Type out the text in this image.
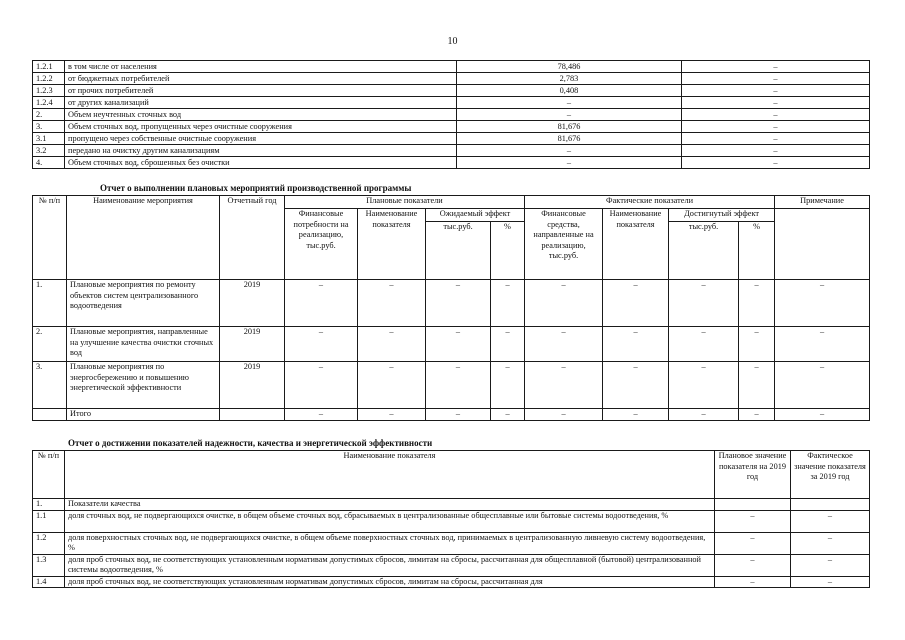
10
1.2.1	в том числе от населения	78,486	–
1.2.2	от бюджетных потребителей	2,783	–
1.2.3	от прочих потребителей	0,408	–
1.2.4	от других канализаций	–	–
2.	Объем неучтенных сточных вод	–	–
3.	Объем сточных вод, пропущенных через очистные сооружения	81,676	–
3.1	пропущено через собственные очистные сооружения	81,676	–
3.2	передано на очистку другим канализациям	–	–
4.	Объем сточных вод, сброшенных без очистки	–	–
Отчет о выполнении плановых мероприятий производственной программы
№ п/п	Наименование мероприятия	Отчетный год	Плановые показатели				Фактические показатели				Примечание
			Финансовые потребности на реализацию, тыс.руб.	Наименование показателя	Ожидаемый эффект		Финансовые средства, направленные на реализацию, тыс.руб.	Наименование показателя	Достигнутый эффект		
					тыс.руб.	%			тыс.руб.	%	
1.	Плановые мероприятия по ремонту объектов систем централизованного водоотведения	2019	–	–	–	–	–	–	–	–	–
2.	Плановые мероприятия, направленные на улучшение качества очистки сточных вод	2019	–	–	–	–	–	–	–	–	–
3.	Плановые мероприятия по энергосбережению и повышению энергетической эффективности	2019	–	–	–	–	–	–	–	–	–
	Итого		–	–	–	–	–	–	–	–	–
Отчет о достижении показателей надежности, качества и энергетической эффективности
№ п/п	Наименование показателя	Плановое значение показателя на 2019 год	Фактическое значение показателя за 2019 год
1.	Показатели качества		
1.1	доля сточных вод, не подвергающихся очистке, в общем объеме сточных вод, сбрасываемых в централизованные общесплавные или бытовые системы водоотведения, %	–	–
1.2	доля поверхностных сточных вод, не подвергающихся очистке, в общем объеме поверхностных сточных вод, принимаемых в централизованную ливневую систему водоотведения, %	–	–
1.3	доля проб сточных вод, не соответствующих установленным нормативам допустимых сбросов, лимитам на сбросы, рассчитанная для общесплавной (бытовой) централизованной системы водоотведения, %	–	–
1.4	доля проб сточных вод, не соответствующих установленным нормативам допустимых сбросов, лимитам на сбросы, рассчитанная для	–	–
